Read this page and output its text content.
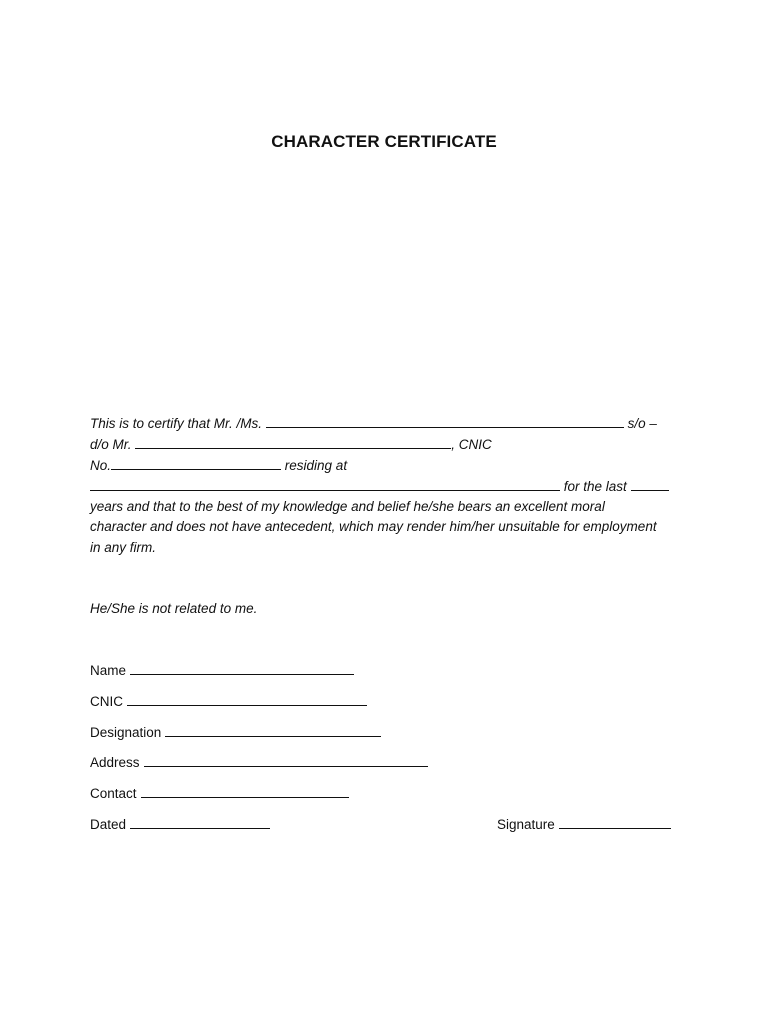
CHARACTER CERTIFICATE
This is to certify that Mr. /Ms.	s/o –
d/o Mr.	, CNIC
No.	residing at
for the last
years and that to the best of my knowledge and belief he/she bears an excellent moral
character and does not have antecedent, which may render him/her unsuitable for employment
in any firm.
He/She is not related to me.
Name
CNIC
Designation
Address
Contact
Dated	Signature
